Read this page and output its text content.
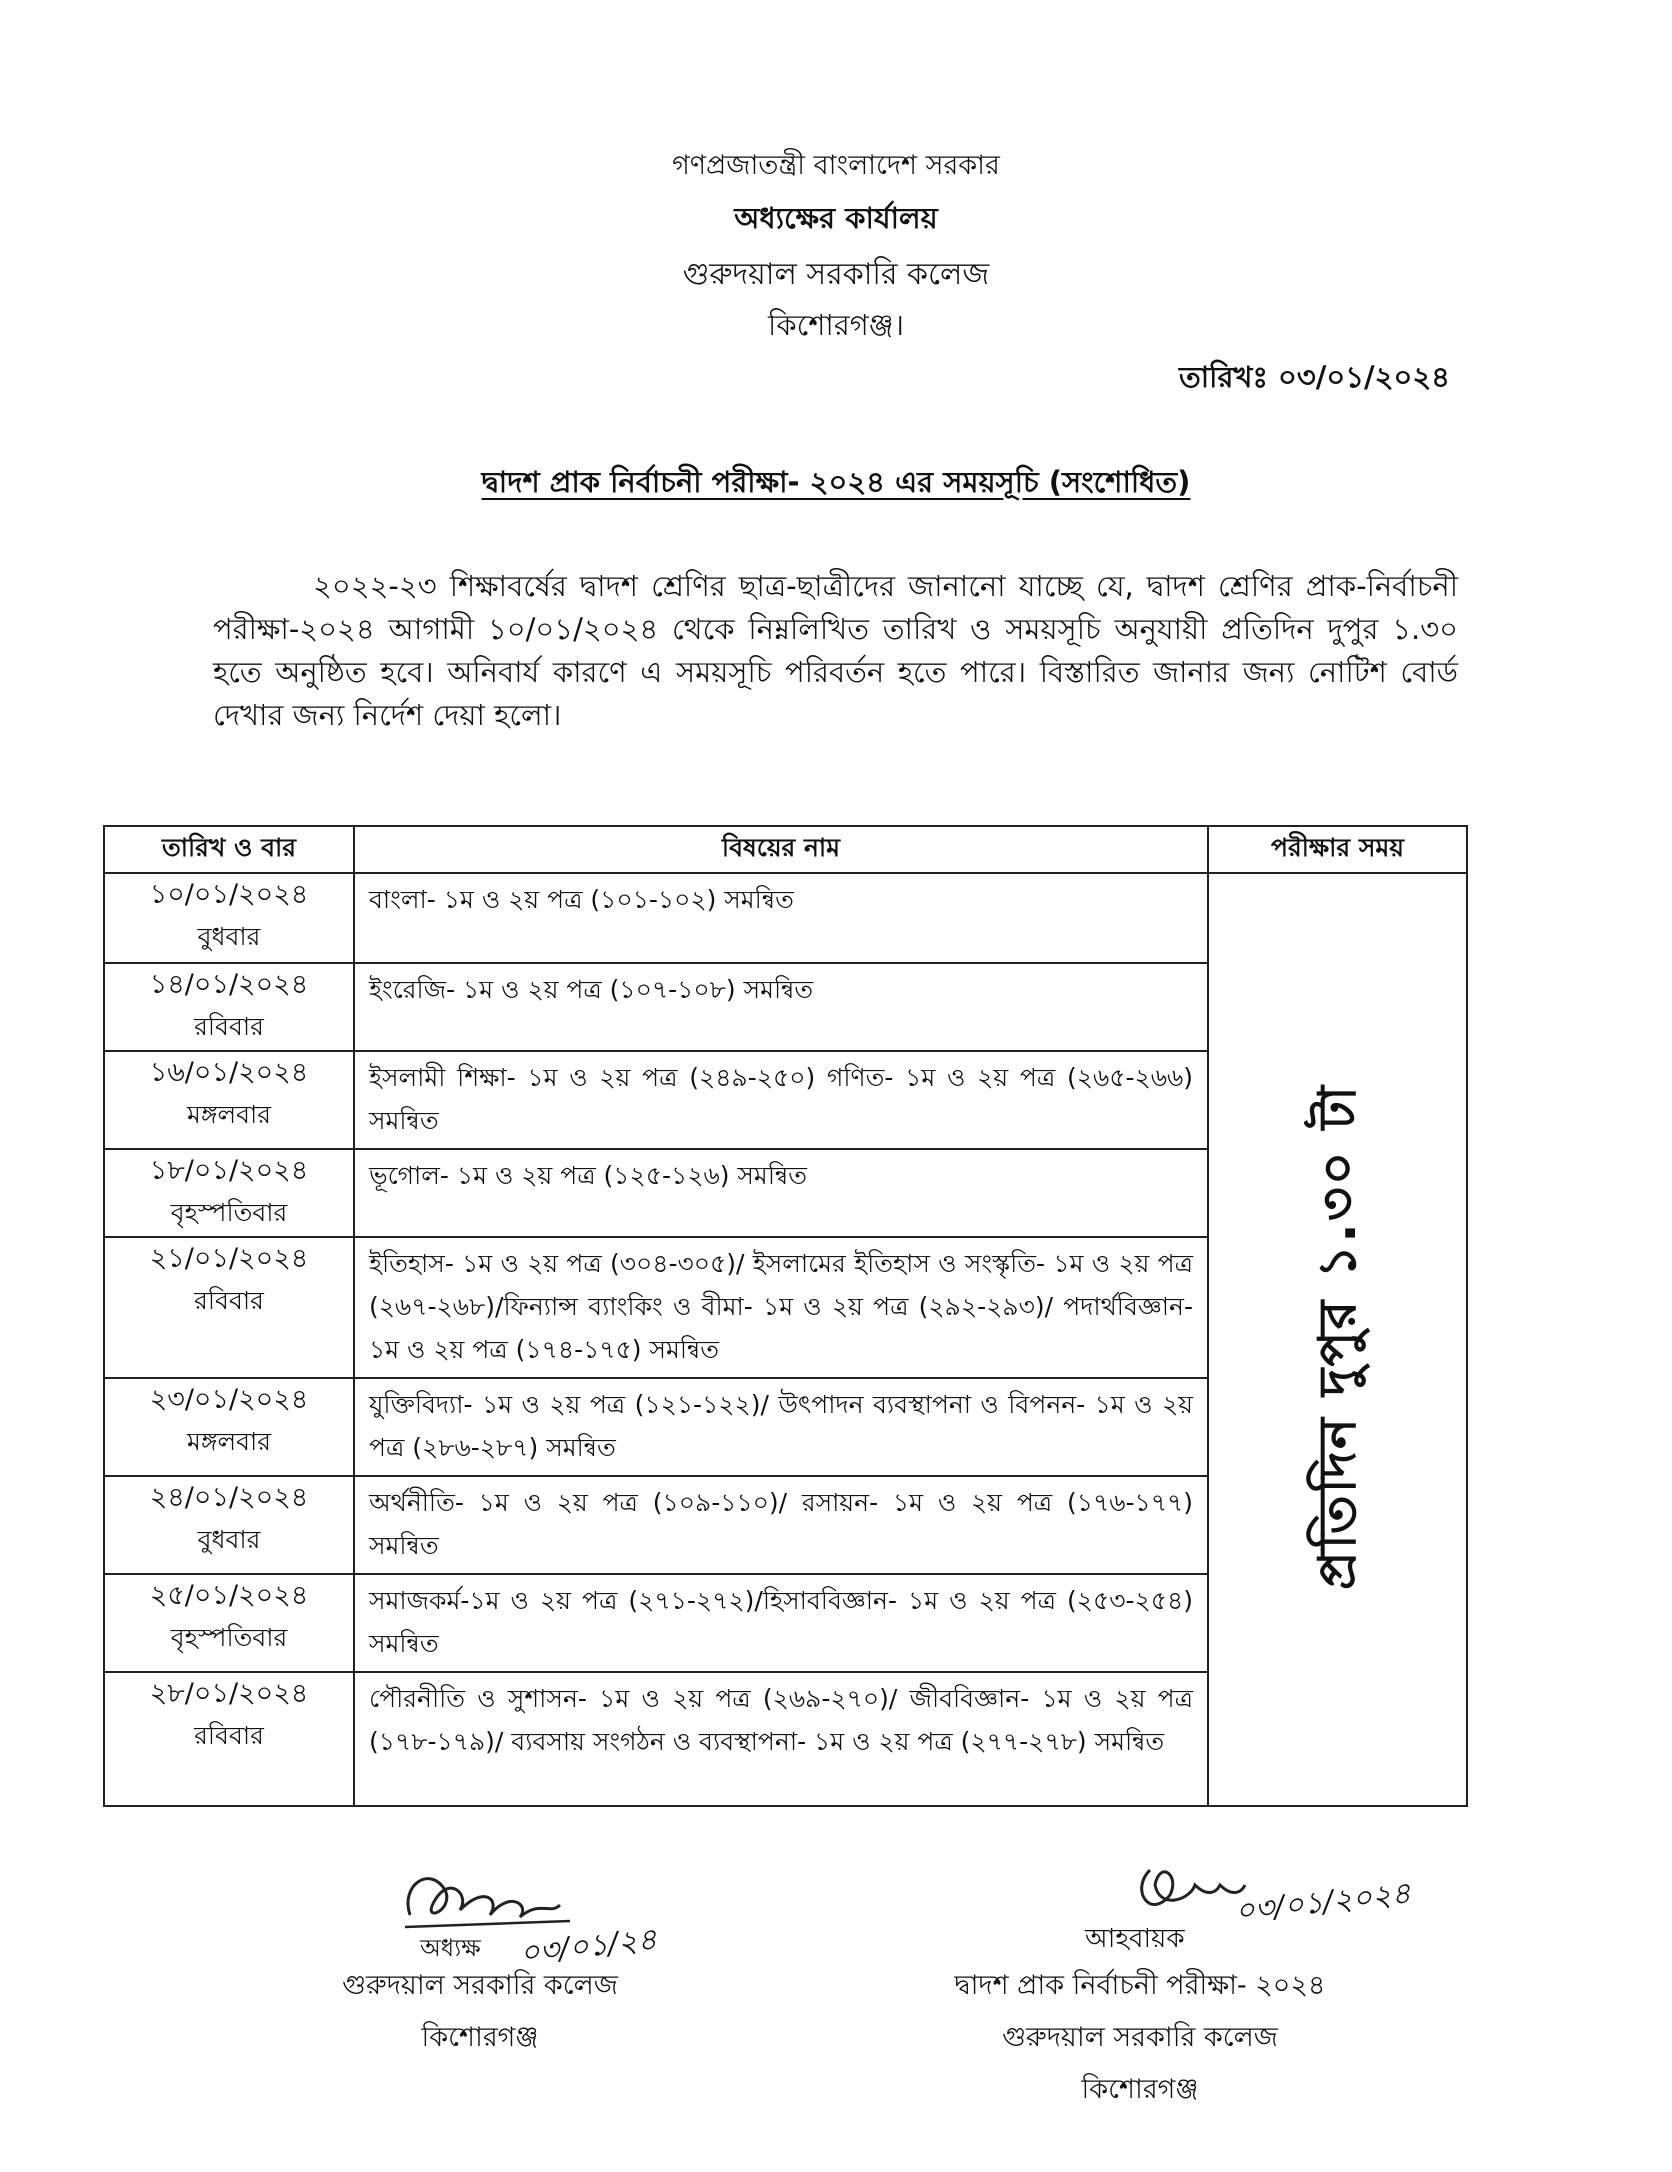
গণপ্রজাতন্ত্রী বাংলাদেশ সরকার
অধ্যক্ষের কার্যালয়
গুরুদয়াল সরকারি কলেজ
কিশোরগঞ্জ।
তারিখঃ ০৩/০১/২০২৪
দ্বাদশ প্রাক নির্বাচনী পরীক্ষা- ২০২৪ এর সময়সূচি (সংশোধিত)

২০২২-২৩ শিক্ষাবর্ষের দ্বাদশ শ্রেণির ছাত্র-ছাত্রীদের জানানো যাচ্ছে যে, দ্বাদশ শ্রেণির প্রাক-নির্বাচনী পরীক্ষা-২০২৪ আগামী ১০/০১/২০২৪ থেকে নিম্নলিখিত তারিখ ও সময়সূচি অনুযায়ী প্রতিদিন দুপুর ১.৩০ হতে অনুষ্ঠিত হবে। অনিবার্য কারণে এ সময়সূচি পরিবর্তন হতে পারে। বিস্তারিত জানার জন্য নোটিশ বোর্ড দেখার জন্য নির্দেশ দেয়া হলো।

তারিখ ও বার	বিষয়ের নাম	পরীক্ষার সময়

১০/০১/২০২৪
বুধবার	বাংলা- ১ম ও ২য় পত্র (১০১-১০২) সমন্বিত	প্রতিদিন দুপুর ১.৩০ টা

১৪/০১/২০২৪
রবিবার	ইংরেজি- ১ম ও ২য় পত্র (১০৭-১০৮) সমন্বিত	

১৬/০১/২০২৪
মঙ্গলবার	ইসলামী শিক্ষা- ১ম ও ২য় পত্র (২৪৯-২৫০) গণিত- ১ম ও ২য় পত্র (২৬৫-২৬৬) সমন্বিত	

১৮/০১/২০২৪
বৃহস্পতিবার	ভূগোল- ১ম ও ২য় পত্র (১২৫-১২৬) সমন্বিত	

২১/০১/২০২৪
রবিবার	ইতিহাস- ১ম ও ২য় পত্র (৩০৪-৩০৫)/ ইসলামের ইতিহাস ও সংস্কৃতি- ১ম ও ২য় পত্র (২৬৭-২৬৮)/ফিন্যান্স ব্যাংকিং ও বীমা- ১ম ও ২য় পত্র (২৯২-২৯৩)/ পদার্থবিজ্ঞান- ১ম ও ২য় পত্র (১৭৪-১৭৫) সমন্বিত	

২৩/০১/২০২৪
মঙ্গলবার	যুক্তিবিদ্যা- ১ম ও ২য় পত্র (১২১-১২২)/ উৎপাদন ব্যবস্থাপনা ও বিপনন- ১ম ও ২য় পত্র (২৮৬-২৮৭) সমন্বিত	

২৪/০১/২০২৪
বুধবার	অর্থনীতি- ১ম ও ২য় পত্র (১০৯-১১০)/ রসায়ন- ১ম ও ২য় পত্র (১৭৬-১৭৭) সমন্বিত	

২৫/০১/২০২৪
বৃহস্পতিবার	সমাজকর্ম-১ম ও ২য় পত্র (২৭১-২৭২)/হিসাববিজ্ঞান- ১ম ও ২য় পত্র (২৫৩-২৫৪) সমন্বিত	

২৮/০১/২০২৪
রবিবার	পৌরনীতি ও সুশাসন- ১ম ও ২য় পত্র (২৬৯-২৭০)/ জীববিজ্ঞান- ১ম ও ২য় পত্র (১৭৮-১৭৯)/ ব্যবসায় সংগঠন ও ব্যবস্থাপনা- ১ম ও ২য় পত্র (২৭৭-২৭৮) সমন্বিত	
অধ্যক্ষ ০৩/০১/২৪
গুরুদয়াল সরকারি কলেজ
কিশোরগঞ্জ
০৩/০১/২০২৪
আহবায়ক
দ্বাদশ প্রাক নির্বাচনী পরীক্ষা- ২০২৪
গুরুদয়াল সরকারি কলেজ
কিশোরগঞ্জ
